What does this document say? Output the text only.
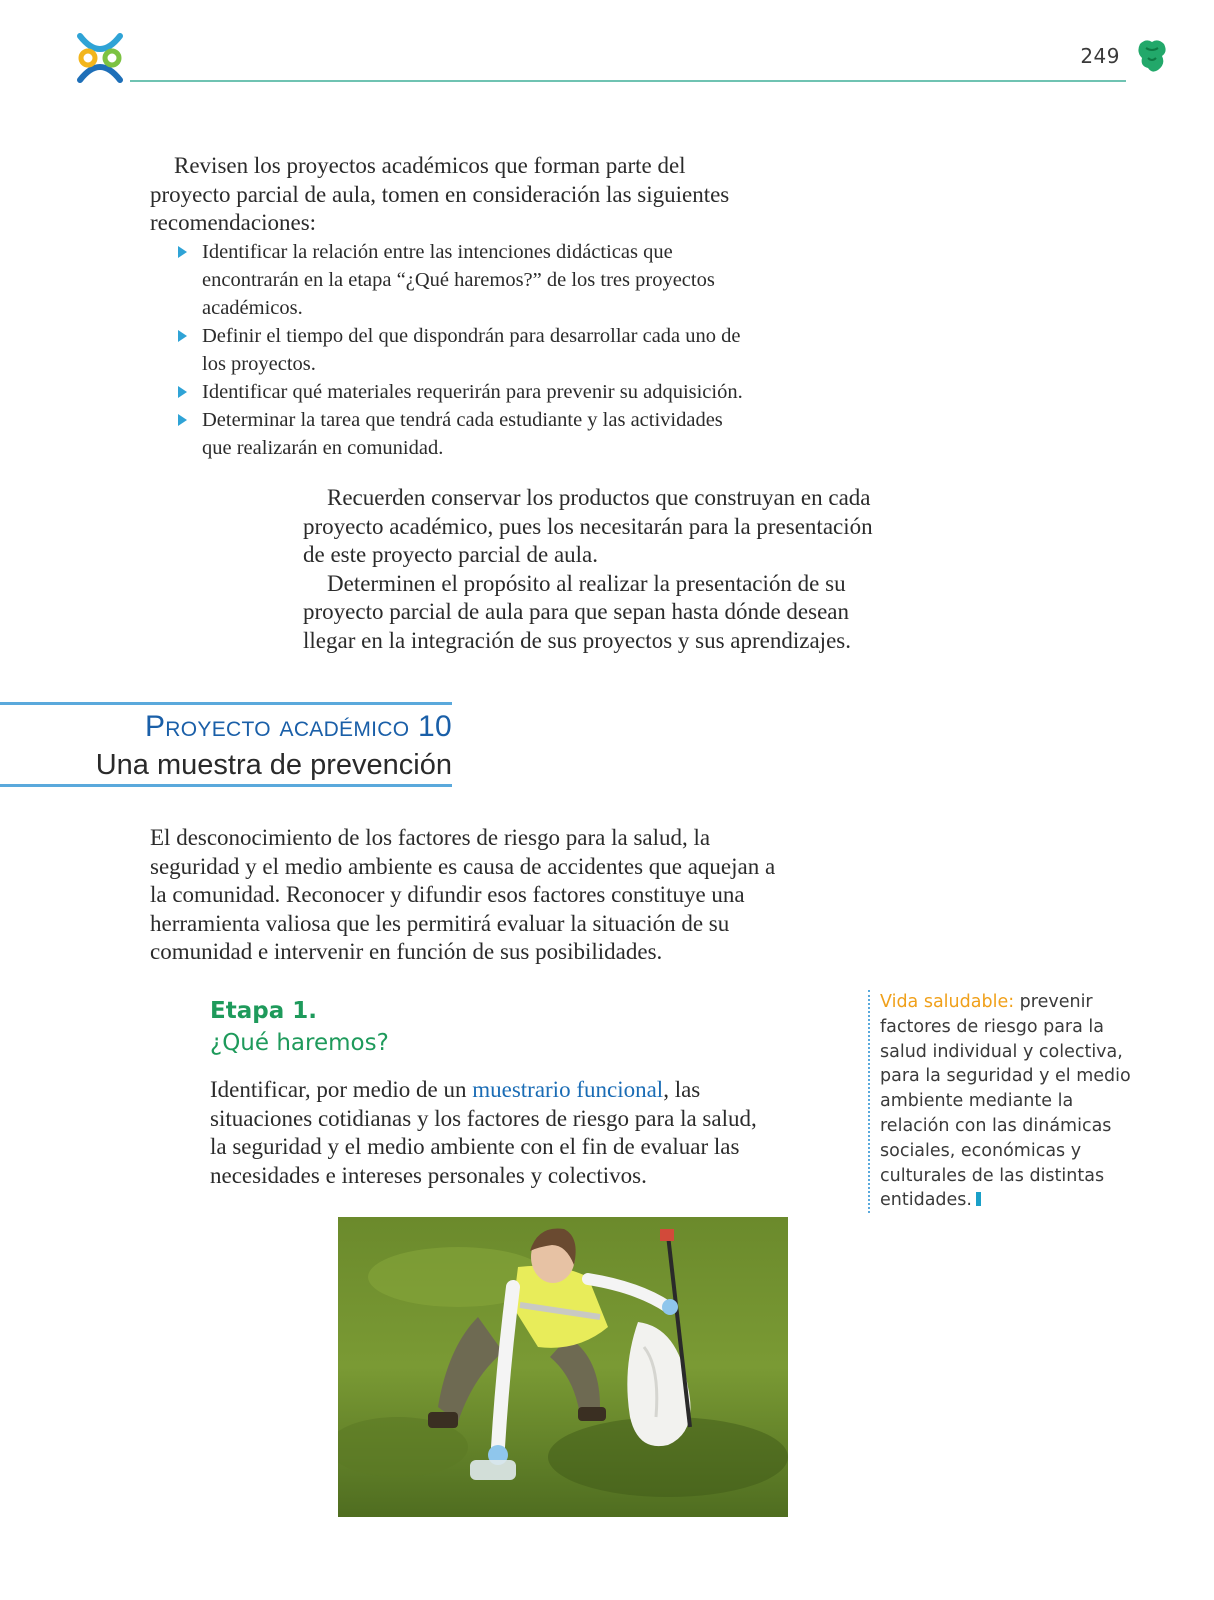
249

Revisen los proyectos académicos que forman parte del proyecto parcial de aula, tomen en consideración las siguientes recomendaciones:

Identificar la relación entre las intenciones didácticas que encontrarán en la etapa “¿Qué haremos?” de los tres proyectos académicos.
Definir el tiempo del que dispondrán para desarrollar cada uno de los proyectos.
Identificar qué materiales requerirán para prevenir su adquisición.
Determinar la tarea que tendrá cada estudiante y las actividades que realizarán en comunidad.

Recuerden conservar los productos que construyan en cada proyecto académico, pues los necesitarán para la presentación de este proyecto parcial de aula.

Determinen el propósito al realizar la presentación de su proyecto parcial de aula para que sepan hasta dónde desean llegar en la integración de sus proyectos y sus aprendizajes.

Proyecto académico 10
Una muestra de prevención

El desconocimiento de los factores de riesgo para la salud, la seguridad y el medio ambiente es causa de accidentes que aquejan a la comunidad. Reconocer y difundir esos factores constituye una herramienta valiosa que les permitirá evaluar la situación de su comunidad e intervenir en función de sus posibilidades.

Etapa 1.
¿Qué haremos?

Identificar, por medio de un muestrario funcional, las situaciones cotidianas y los factores de riesgo para la salud, la seguridad y el medio ambiente con el fin de evaluar las necesidades e intereses personales y colectivos.

Vida saludable: prevenir factores de riesgo para la salud individual y colectiva, para la seguridad y el medio ambiente mediante la relación con las dinámicas sociales, económicas y culturales de las distintas entidades.
